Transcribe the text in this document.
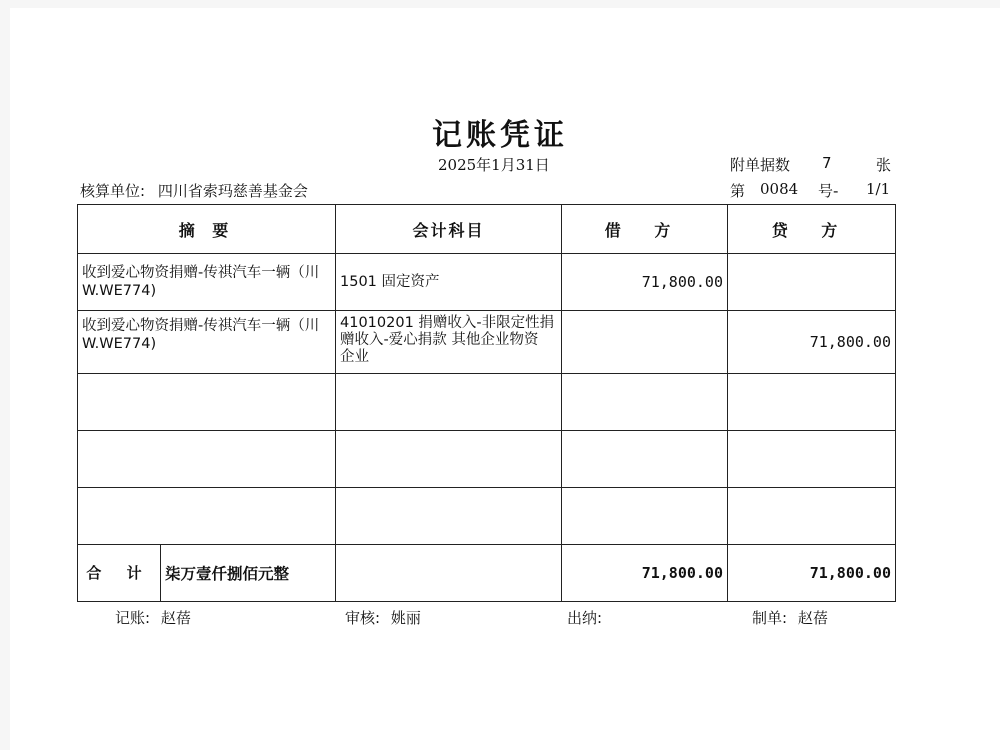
记账凭证
2025年1月31日	附单据数 7	张
核算单位: 四川省索玛慈善基金会	第 0084 号- 1/1
摘 要	会计科目	借 方	贷 方
收到爱心物资捐赠-传祺汽车一辆（川W.WE774)	1501 固定资产	71,800.00	
收到爱心物资捐赠-传祺汽车一辆（川W.WE774)	41010201 捐赠收入-非限定性捐赠收入-爱心捐款 其他企业物资 企业		71,800.00

合 计 柒万壹仟捌佰元整		71,800.00	71,800.00
记账: 赵蓓	审核: 姚丽	出纳:	制单: 赵蓓
